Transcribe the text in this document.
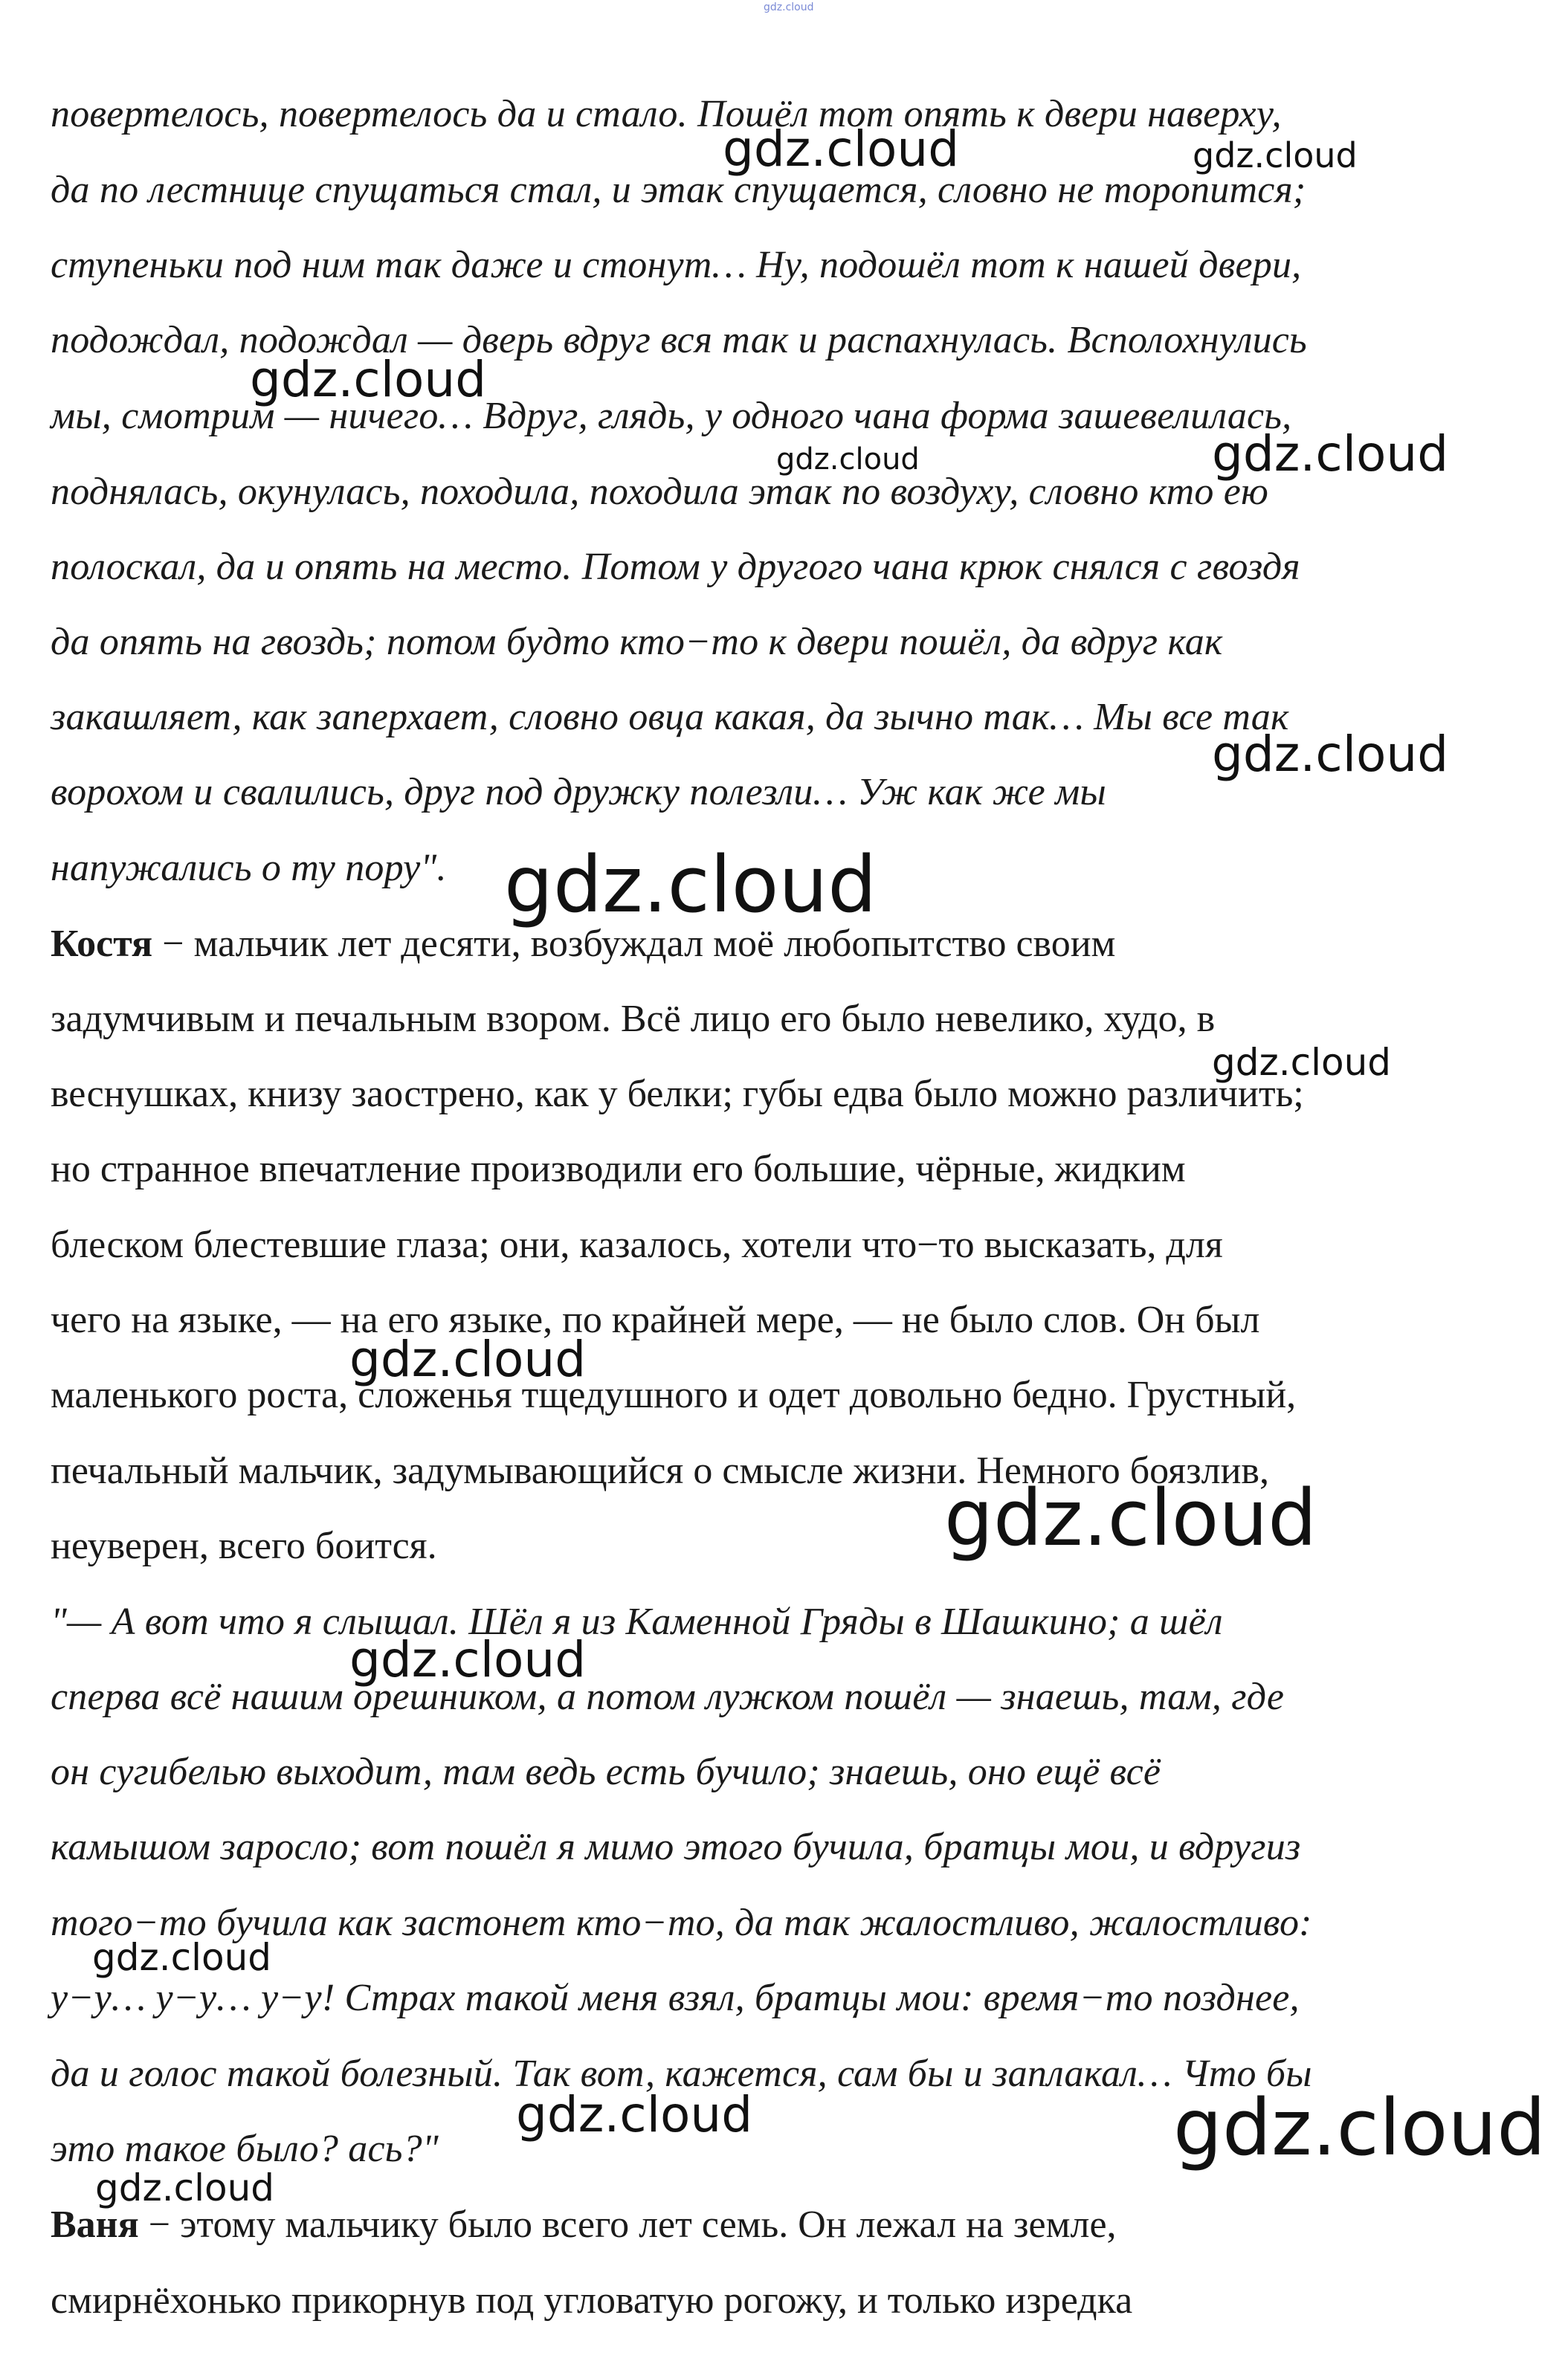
gdz.cloud
повертелось, повертелось да и стало. Пошёл тот опять к двери наверху,
да по лестнице спущаться стал, и этак спущается, словно не торопится;
ступеньки под ним так даже и стонут… Ну, подошёл тот к нашей двери,
подождал, подождал — дверь вдруг вся так и распахнулась. Всполохнулись
мы, смотрим — ничего… Вдруг, глядь, у одного чана форма зашевелилась,
поднялась, окунулась, походила, походила этак по воздуху, словно кто ею
полоскал, да и опять на место. Потом у другого чана крюк снялся с гвоздя
да опять на гвоздь; потом будто кто−то к двери пошёл, да вдруг как
закашляет, как заперхает, словно овца какая, да зычно так… Мы все так
ворохом и свалились, друг под дружку полезли… Уж как же мы
напужались о ту пору".
Костя − мальчик лет десяти, возбуждал моё любопытство своим
задумчивым и печальным взором. Всё лицо его было невелико, худо, в
веснушках, книзу заострено, как у белки; губы едва было можно различить;
но странное впечатление производили его большие, чёрные, жидким
блеском блестевшие глаза; они, казалось, хотели что−то высказать, для
чего на языке, — на его языке, по крайней мере, — не было слов. Он был
маленького роста, сложенья тщедушного и одет довольно бедно. Грустный,
печальный мальчик, задумывающийся о смысле жизни. Немного боязлив,
неуверен, всего боится.
"— А вот что я слышал. Шёл я из Каменной Гряды в Шашкино; а шёл
сперва всё нашим орешником, а потом лужком пошёл — знаешь, там, где
он сугибелью выходит, там ведь есть бучило; знаешь, оно ещё всё
камышом заросло; вот пошёл я мимо этого бучила, братцы мои, и вдругиз
того−то бучила как застонет кто−то, да так жалостливо, жалостливо:
у−у… у−у… у−у! Страх такой меня взял, братцы мои: время−то позднее,
да и голос такой болезный. Так вот, кажется, сам бы и заплакал… Что бы
это такое было? ась?"
Ваня − этому мальчику было всего лет семь. Он лежал на земле,
смирнёхонько прикорнув под угловатую рогожу, и только изредка
gdz.cloud	gdz.cloud
gdz.cloud
gdz.cloud	gdz.cloud
gdz.cloud
gdz.cloud
gdz.cloud
gdz.cloud
gdz.cloud
gdz.cloud
gdz.cloud
gdz.cloud	gdz.cloud
gdz.cloud
